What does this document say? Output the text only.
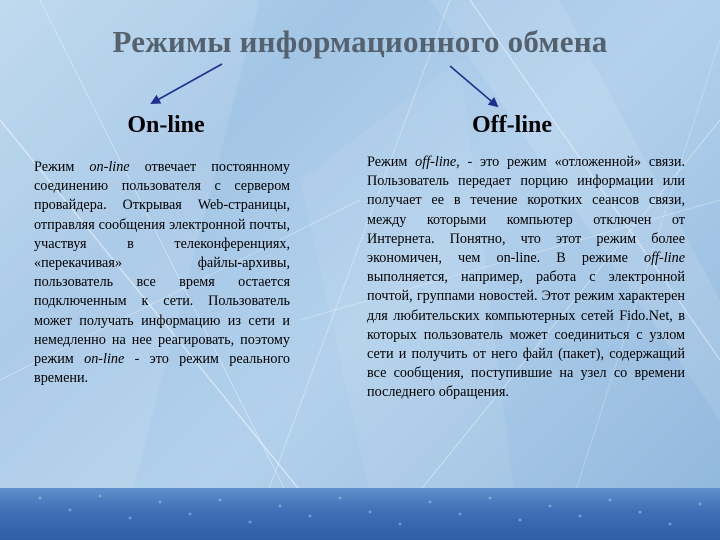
Режимы информационного обмена
On-line	Off-line
Режим on-line отвечает постоянному соединению пользователя с сервером провайдера. Открывая Web-страницы, отправляя сообщения электронной почты, участвуя в телеконференциях, «перекачивая» файлы-архивы, пользователь все время остается подключенным к сети. Пользователь может получать информацию из сети и немедленно на нее реагировать, поэтому режим on-line - это режим реального времени.
Режим off-line, - это режим «отложенной» связи. Пользователь передает порцию информации или получает ее в течение коротких сеансов связи, между которыми компьютер отключен от Интернета. Понятно, что этот режим более экономичен, чем on-line. В режиме off-line выполняется, например, работа с электронной почтой, группами новостей. Этот режим характерен для любительских компьютерных сетей Fido.Net, в которых пользователь может соединиться с узлом сети и получить от него файл (пакет), содержащий все сообщения, поступившие на узел со времени последнего обращения.
